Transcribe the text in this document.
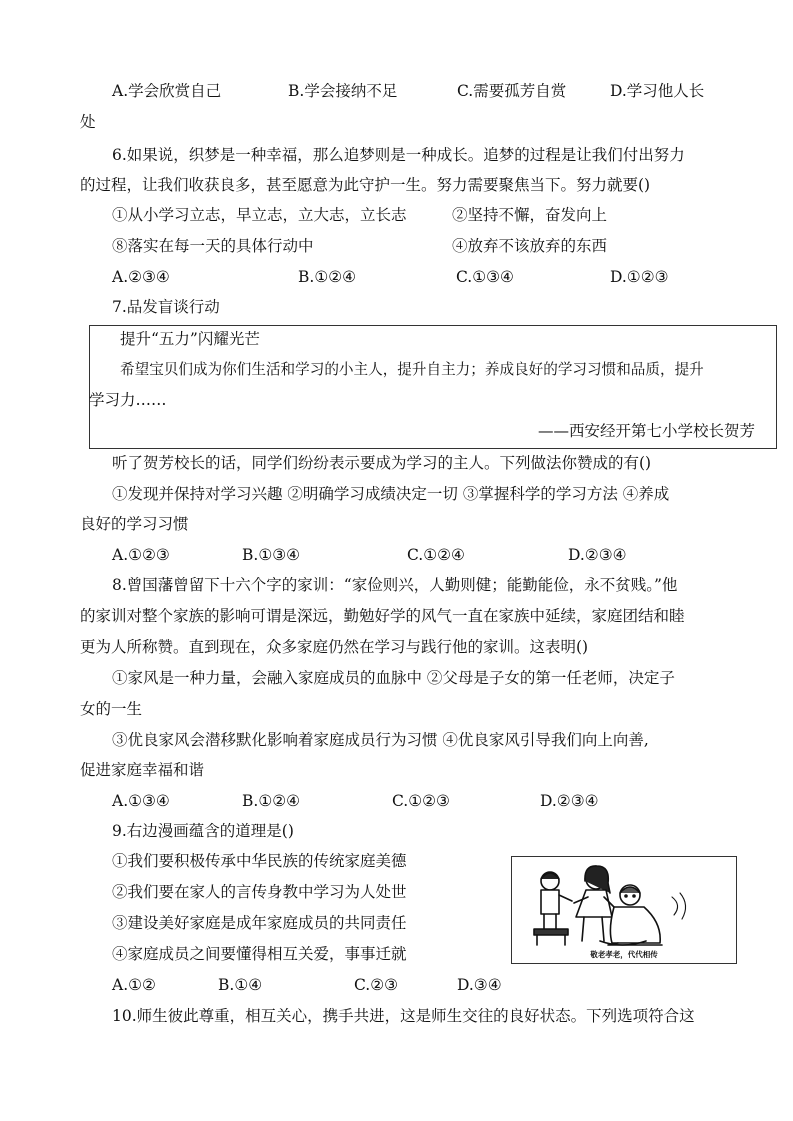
A.学会欣赏自己	B.学会接纳不足	C.需要孤芳自赏	D.学习他人长
处
6.如果说，织梦是一种幸福，那么追梦则是一种成长。追梦的过程是让我们付出努力
的过程，让我们收获良多，甚至愿意为此守护一生。努力需要聚焦当下。努力就要()
①从小学习立志，早立志，立大志，立长志	②坚持不懈，奋发向上
⑧落实在每一天的具体行动中	④放弃不该放弃的东西
A.②③④	B.①②④	C.①③④	D.①②③
7.品发盲谈行动
提升“五力”闪耀光芒
希望宝贝们成为你们生活和学习的小主人，提升自主力；养成良好的学习习惯和品质，提升
学习力……
——西安经开第七小学校长贺芳
听了贺芳校长的话，同学们纷纷表示要成为学习的主人。下列做法你赞成的有()
①发现并保持对学习兴趣 ②明确学习成绩决定一切 ③掌握科学的学习方法 ④养成
良好的学习习惯
A.①②③	B.①③④	C.①②④	D.②③④
8.曾国藩曾留下十六个字的家训：“家俭则兴，人勤则健；能勤能俭，永不贫贱。”他
的家训对整个家族的影响可谓是深远，勤勉好学的风气一直在家族中延续，家庭团结和睦
更为人所称赞。直到现在，众多家庭仍然在学习与践行他的家训。这表明()
①家风是一种力量，会融入家庭成员的血脉中 ②父母是子女的第一任老师，决定子
女的一生
③优良家风会潜移默化影响着家庭成员行为习惯 ④优良家风引导我们向上向善,
促进家庭幸福和谐
A.①③④	B.①②④	C.①②③	D.②③④
9.右边漫画蕴含的道理是()
①我们要积极传承中华民族的传统家庭美德
②我们要在家人的言传身教中学习为人处世
③建设美好家庭是成年家庭成员的共同责任
④家庭成员之间要懂得相互关爱，事事迁就
A.①②	B.①④	C.②③	D.③④
敬老孝老，代代相传
10.师生彼此尊重，相互关心，携手共进，这是师生交往的良好状态。下列选项符合这
